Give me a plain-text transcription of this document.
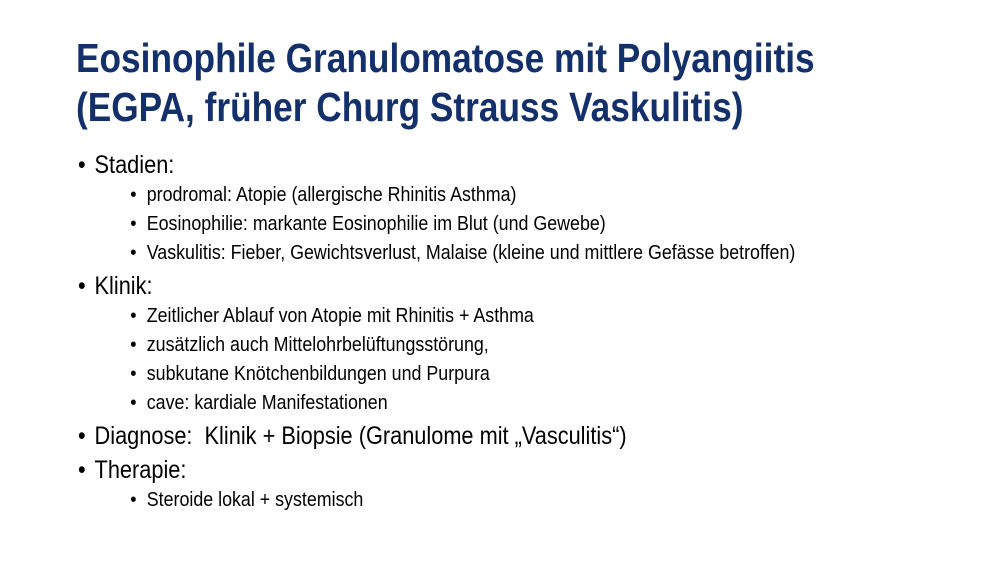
Eosinophile Granulomatose mit Polyangiitis
(EGPA, früher Churg Strauss Vaskulitis)
• Stadien:
• prodromal: Atopie (allergische Rhinitis Asthma)
• Eosinophilie: markante Eosinophilie im Blut (und Gewebe)
• Vaskulitis: Fieber, Gewichtsverlust, Malaise (kleine und mittlere Gefässe betroffen)
• Klinik:
• Zeitlicher Ablauf von Atopie mit Rhinitis + Asthma
• zusätzlich auch Mittelohrbelüftungsstörung,
• subkutane Knötchenbildungen und Purpura
• cave: kardiale Manifestationen
• Diagnose:  Klinik + Biopsie (Granulome mit „Vasculitis“)
• Therapie:
• Steroide lokal + systemisch
